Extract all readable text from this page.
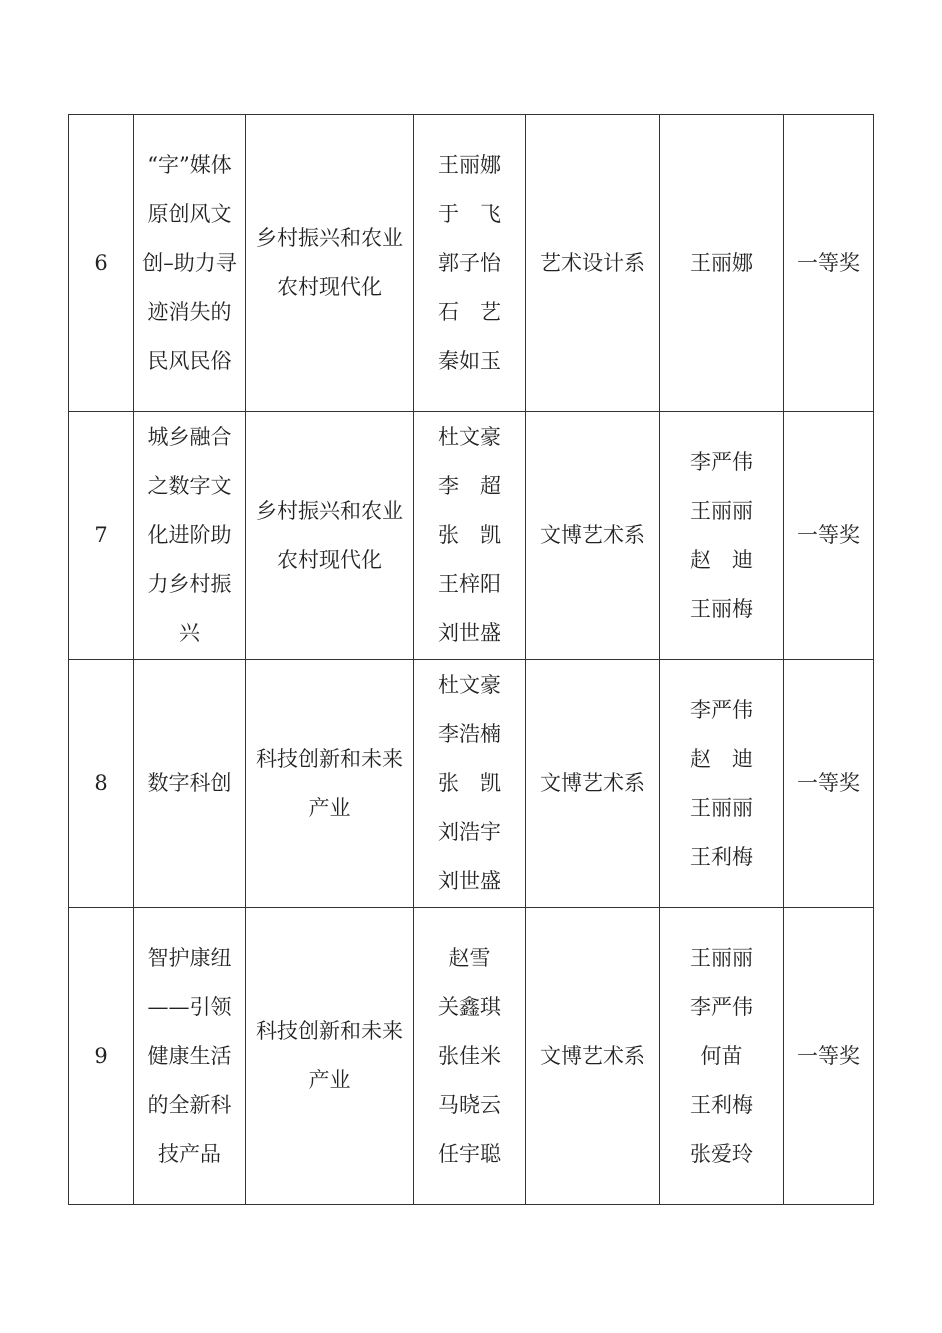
6	“字”媒体原创风文创–助力寻迹消失的民风民俗	乡村振兴和农业农村现代化	王丽娜
于　飞
郭子怡
石　艺
秦如玉	艺术设计系	王丽娜	一等奖
7	城乡融合之数字文化进阶助力乡村振兴	乡村振兴和农业农村现代化	杜文豪
李　超
张　凯
王梓阳
刘世盛	文博艺术系	李严伟
王丽丽
赵　迪
王丽梅	一等奖
8	数字科创	科技创新和未来产业	杜文豪
李浩楠
张　凯
刘浩宇
刘世盛	文博艺术系	李严伟
赵　迪
王丽丽
王利梅	一等奖
9	智护康纽——引领健康生活的全新科技产品	科技创新和未来产业	赵雪
关鑫琪
张佳米
马晓云
任宇聪	文博艺术系	王丽丽
李严伟
何苗
王利梅
张爱玲	一等奖
